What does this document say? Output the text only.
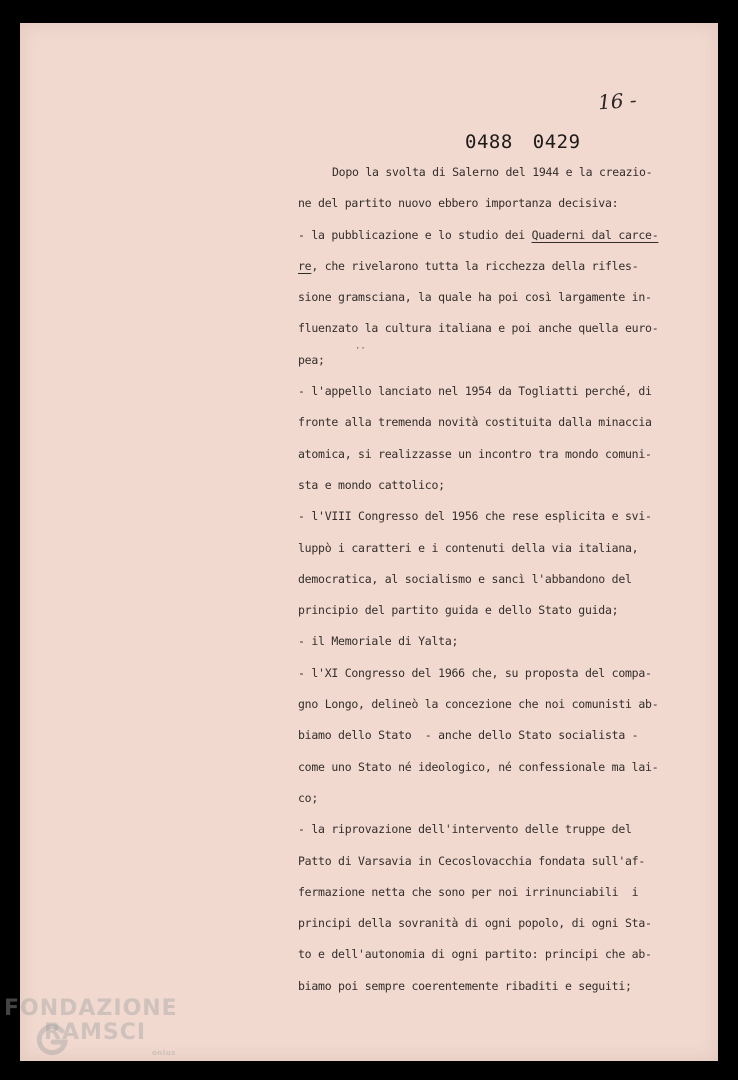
16 -
0488 0429
··
Dopo la svolta di Salerno del 1944 e la creazio-
ne del partito nuovo ebbero importanza decisiva:
- la pubblicazione e lo studio dei Quaderni dal carce-
re, che rivelarono tutta la ricchezza della rifles-
sione gramsciana, la quale ha poi così largamente in-
fluenzato la cultura italiana e poi anche quella euro-
pea;
- l'appello lanciato nel 1954 da Togliatti perché, di
fronte alla tremenda novità costituita dalla minaccia
atomica, si realizzasse un incontro tra mondo comuni-
sta e mondo cattolico;
- l'VIII Congresso del 1956 che rese esplicita e svi-
luppò i caratteri e i contenuti della via italiana,
democratica, al socialismo e sancì l'abbandono del
principio del partito guida e dello Stato guida;
- il Memoriale di Yalta;
- l'XI Congresso del 1966 che, su proposta del compa-
gno Longo, delineò la concezione che noi comunisti ab-
biamo dello Stato  - anche dello Stato socialista -
come uno Stato né ideologico, né confessionale ma lai-
co;
- la riprovazione dell'intervento delle truppe del
Patto di Varsavia in Cecoslovacchia fondata sull'af-
fermazione netta che sono per noi irrinunciabili  i
principi della sovranità di ogni popolo, di ogni Sta-
to e dell'autonomia di ogni partito: principi che ab-
biamo poi sempre coerentemente ribaditi e seguiti;
FONDAZIONE
RAMSCI
onlus
